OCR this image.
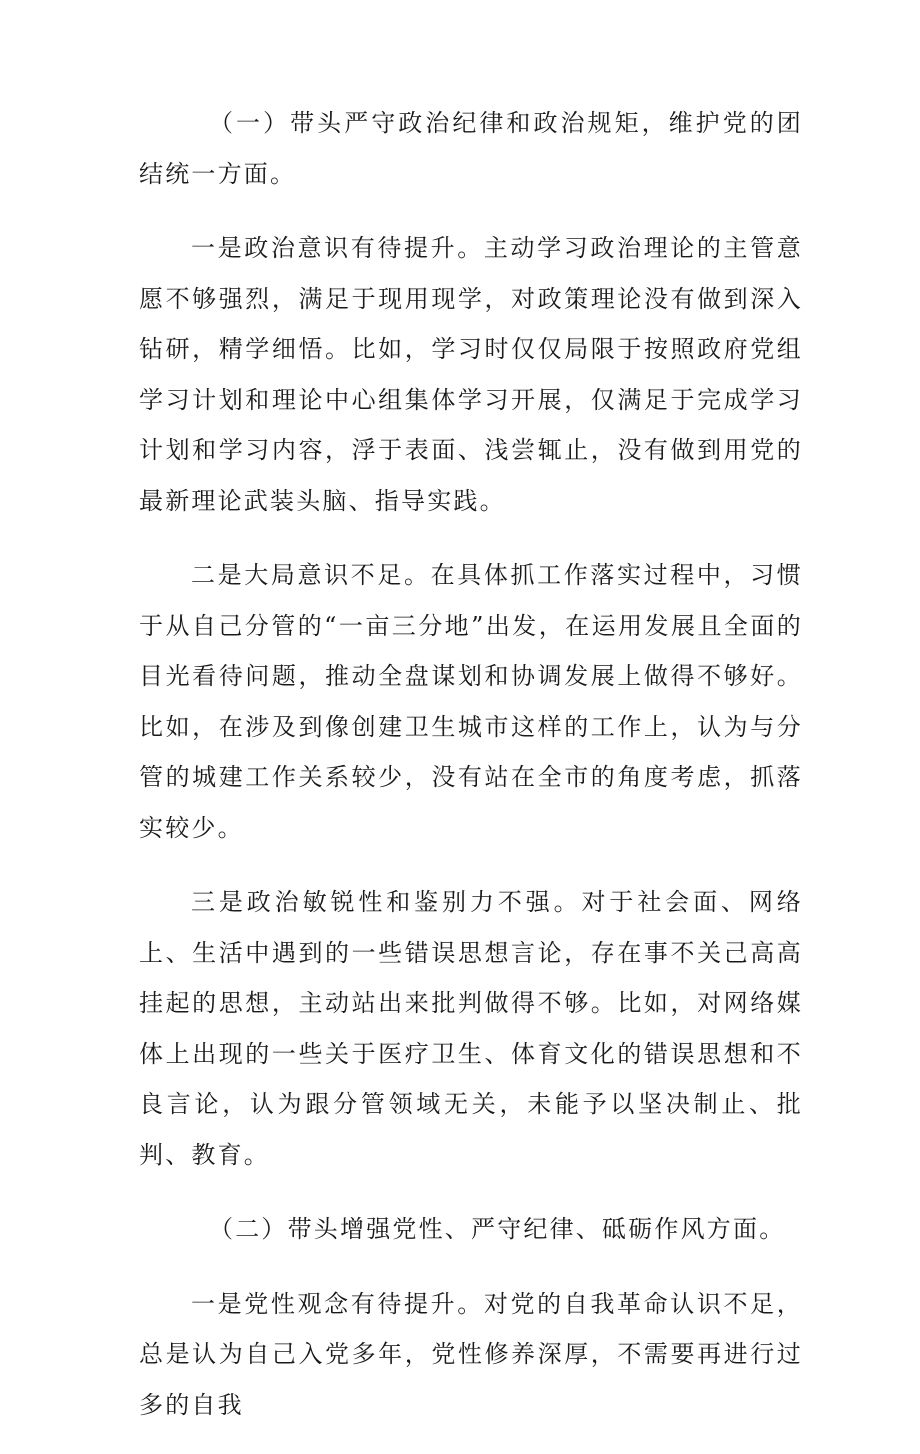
（一）带头严守政治纪律和政治规矩，维护党的团结统一方面。

一是政治意识有待提升。主动学习政治理论的主管意愿不够强烈，满足于现用现学，对政策理论没有做到深入钻研，精学细悟。比如，学习时仅仅局限于按照政府党组学习计划和理论中心组集体学习开展，仅满足于完成学习计划和学习内容，浮于表面、浅尝辄止，没有做到用党的最新理论武装头脑、指导实践。

二是大局意识不足。在具体抓工作落实过程中，习惯于从自己分管的“一亩三分地”出发，在运用发展且全面的目光看待问题，推动全盘谋划和协调发展上做得不够好。比如，在涉及到像创建卫生城市这样的工作上，认为与分管的城建工作关系较少，没有站在全市的角度考虑，抓落实较少。

三是政治敏锐性和鉴别力不强。对于社会面、网络上、生活中遇到的一些错误思想言论，存在事不关己高高挂起的思想，主动站出来批判做得不够。比如，对网络媒体上出现的一些关于医疗卫生、体育文化的错误思想和不良言论，认为跟分管领域无关，未能予以坚决制止、批判、教育。

（二）带头增强党性、严守纪律、砥砺作风方面。

一是党性观念有待提升。对党的自我革命认识不足，总是认为自己入党多年，党性修养深厚，不需要再进行过多的自我
